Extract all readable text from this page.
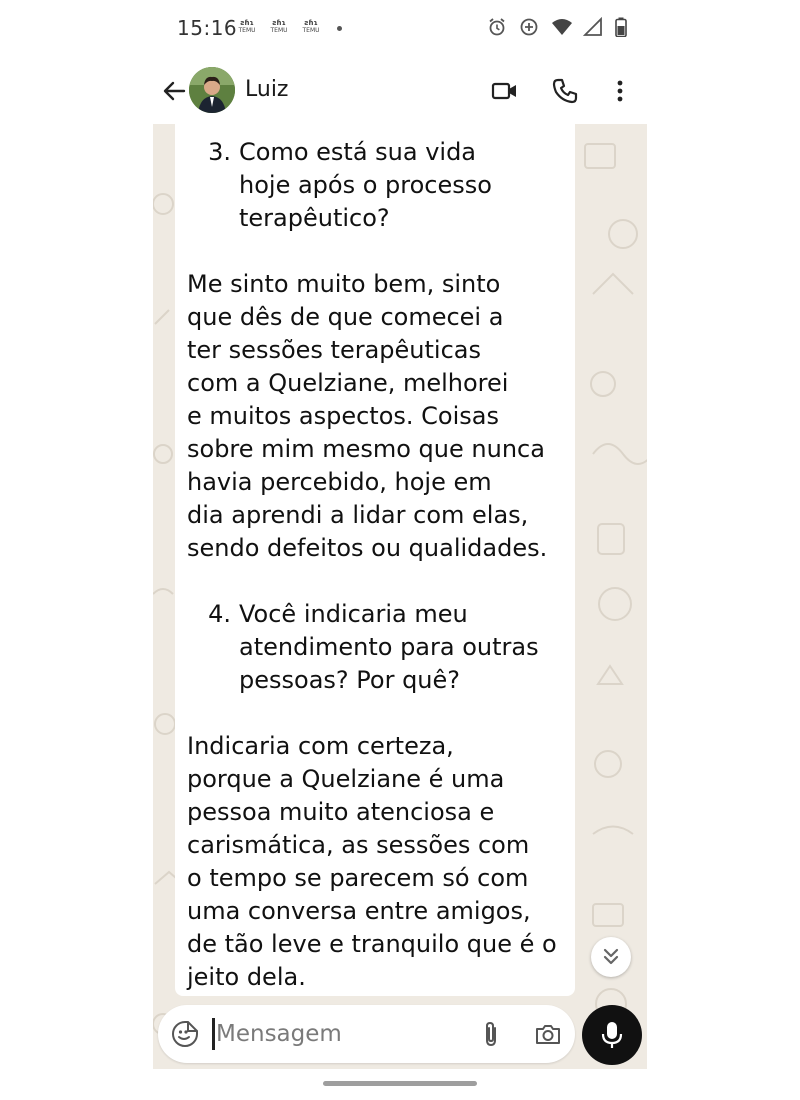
15:16 ƨɦɿ
TEMU
ƨɦɿ
TEMU
ƨɦɿ
TEMU
Luiz
3. Como está sua vida

hoje após o processo

terapêutico?

Me sinto muito bem, sinto

que dês de que comecei a

ter sessões terapêuticas

com a Quelziane, melhorei

e muitos aspectos. Coisas

sobre mim mesmo que nunca

havia percebido, hoje em

dia aprendi a lidar com elas,

sendo defeitos ou qualidades.

4. Você indicaria meu

atendimento para outras

pessoas? Por quê?

Indicaria com certeza,

porque a Quelziane é uma

pessoa muito atenciosa e

carismática, as sessões com

o tempo se parecem só com

uma conversa entre amigos,

de tão leve e tranquilo que é o

jeito dela.

Mensagem
